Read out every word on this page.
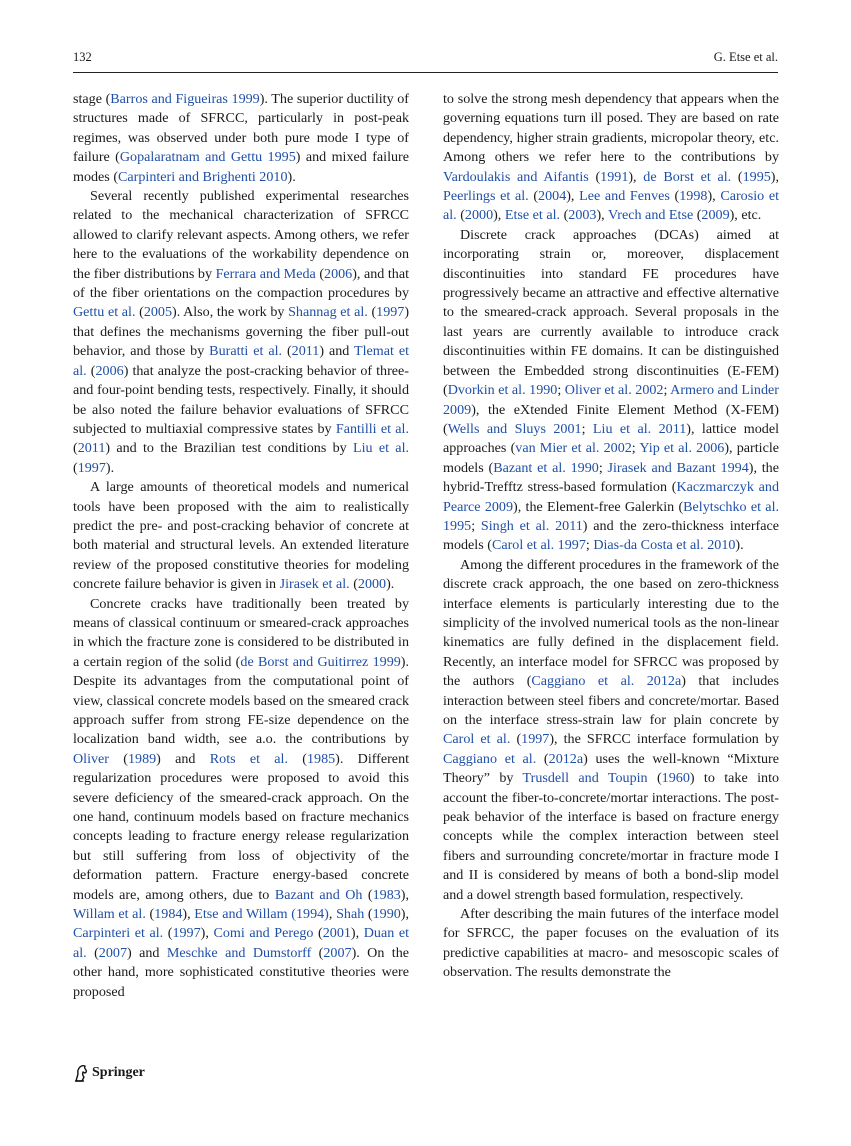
132	G. Etse et al.

stage (Barros and Figueiras 1999). The superior ductility of structures made of SFRCC, particularly in post-peak regimes, was observed under both pure mode I type of failure (Gopalaratnam and Gettu 1995) and mixed failure modes (Carpinteri and Brighenti 2010).

Several recently published experimental researches related to the mechanical characterization of SFRCC allowed to clarify relevant aspects. Among others, we refer here to the evaluations of the workability dependence on the fiber distributions by Ferrara and Meda (2006), and that of the fiber orientations on the compaction procedures by Gettu et al. (2005). Also, the work by Shannag et al. (1997) that defines the mechanisms governing the fiber pull-out behavior, and those by Buratti et al. (2011) and Tlemat et al. (2006) that analyze the post-cracking behavior of three- and four-point bending tests, respectively. Finally, it should be also noted the failure behavior evaluations of SFRCC subjected to multiaxial compressive states by Fantilli et al. (2011) and to the Brazilian test conditions by Liu et al. (1997).

A large amounts of theoretical models and numerical tools have been proposed with the aim to realistically predict the pre- and post-cracking behavior of concrete at both material and structural levels. An extended literature review of the proposed constitutive theories for modeling concrete failure behavior is given in Jirasek et al. (2000).

Concrete cracks have traditionally been treated by means of classical continuum or smeared-crack approaches in which the fracture zone is considered to be distributed in a certain region of the solid (de Borst and Guitirrez 1999). Despite its advantages from the computational point of view, classical concrete models based on the smeared crack approach suffer from strong FE-size dependence on the localization band width, see a.o. the contributions by Oliver (1989) and Rots et al. (1985). Different regularization procedures were proposed to avoid this severe deficiency of the smeared-crack approach. On the one hand, continuum models based on fracture mechanics concepts leading to fracture energy release regularization but still suffering from loss of objectivity of the deformation pattern. Fracture energy-based concrete models are, among others, due to Bazant and Oh (1983), Willam et al. (1984), Etse and Willam (1994), Shah (1990), Carpinteri et al. (1997), Comi and Perego (2001), Duan et al. (2007) and Meschke and Dumstorff (2007). On the other hand, more sophisticated constitutive theories were proposed

to solve the strong mesh dependency that appears when the governing equations turn ill posed. They are based on rate dependency, higher strain gradients, micropolar theory, etc. Among others we refer here to the contributions by Vardoulakis and Aifantis (1991), de Borst et al. (1995), Peerlings et al. (2004), Lee and Fenves (1998), Carosio et al. (2000), Etse et al. (2003), Vrech and Etse (2009), etc.

Discrete crack approaches (DCAs) aimed at incorporating strain or, moreover, displacement discontinuities into standard FE procedures have progressively became an attractive and effective alternative to the smeared-crack approach. Several proposals in the last years are currently available to introduce crack discontinuities within FE domains. It can be distinguished between the Embedded strong discontinuities (E-FEM) (Dvorkin et al. 1990; Oliver et al. 2002; Armero and Linder 2009), the eXtended Finite Element Method (X-FEM) (Wells and Sluys 2001; Liu et al. 2011), lattice model approaches (van Mier et al. 2002; Yip et al. 2006), particle models (Bazant et al. 1990; Jirasek and Bazant 1994), the hybrid-Trefftz stress-based formulation (Kaczmarczyk and Pearce 2009), the Element-free Galerkin (Belytschko et al. 1995; Singh et al. 2011) and the zero-thickness interface models (Carol et al. 1997; Dias-da Costa et al. 2010).

Among the different procedures in the framework of the discrete crack approach, the one based on zero-thickness interface elements is particularly interesting due to the simplicity of the involved numerical tools as the non-linear kinematics are fully defined in the displacement field. Recently, an interface model for SFRCC was proposed by the authors (Caggiano et al. 2012a) that includes interaction between steel fibers and concrete/mortar. Based on the interface stress-strain law for plain concrete by Carol et al. (1997), the SFRCC interface formulation by Caggiano et al. (2012a) uses the well-known “Mixture Theory” by Trusdell and Toupin (1960) to take into account the fiber-to-concrete/mortar interactions. The post-peak behavior of the interface is based on fracture energy concepts while the complex interaction between steel fibers and surrounding concrete/mortar in fracture mode I and II is considered by means of both a bond-slip model and a dowel strength based formulation, respectively.

After describing the main futures of the interface model for SFRCC, the paper focuses on the evaluation of its predictive capabilities at macro- and mesoscopic scales of observation. The results demonstrate the

Springer
